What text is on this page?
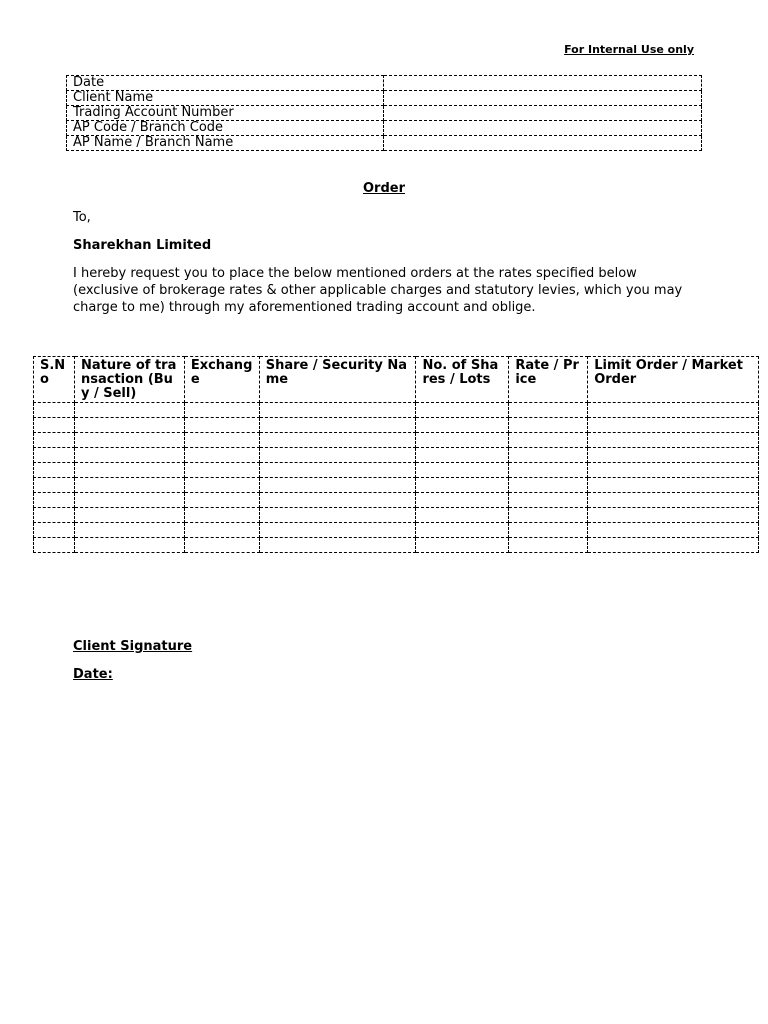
For Internal Use only
Date	
Client Name	
Trading Account Number	
AP Code / Branch Code	
AP Name / Branch Name	
Order
To,
Sharekhan Limited
I hereby request you to place the below mentioned orders at the rates specified below (exclusive of brokerage rates & other applicable charges and statutory levies, which you may charge to me) through my aforementioned trading account and oblige.
S.No	Nature of transaction (Buy / Sell)	Exchange	Share / Security Name	No. of Shares / Lots	Rate / Price	Limit Order / Market Order

Client Signature
Date:
